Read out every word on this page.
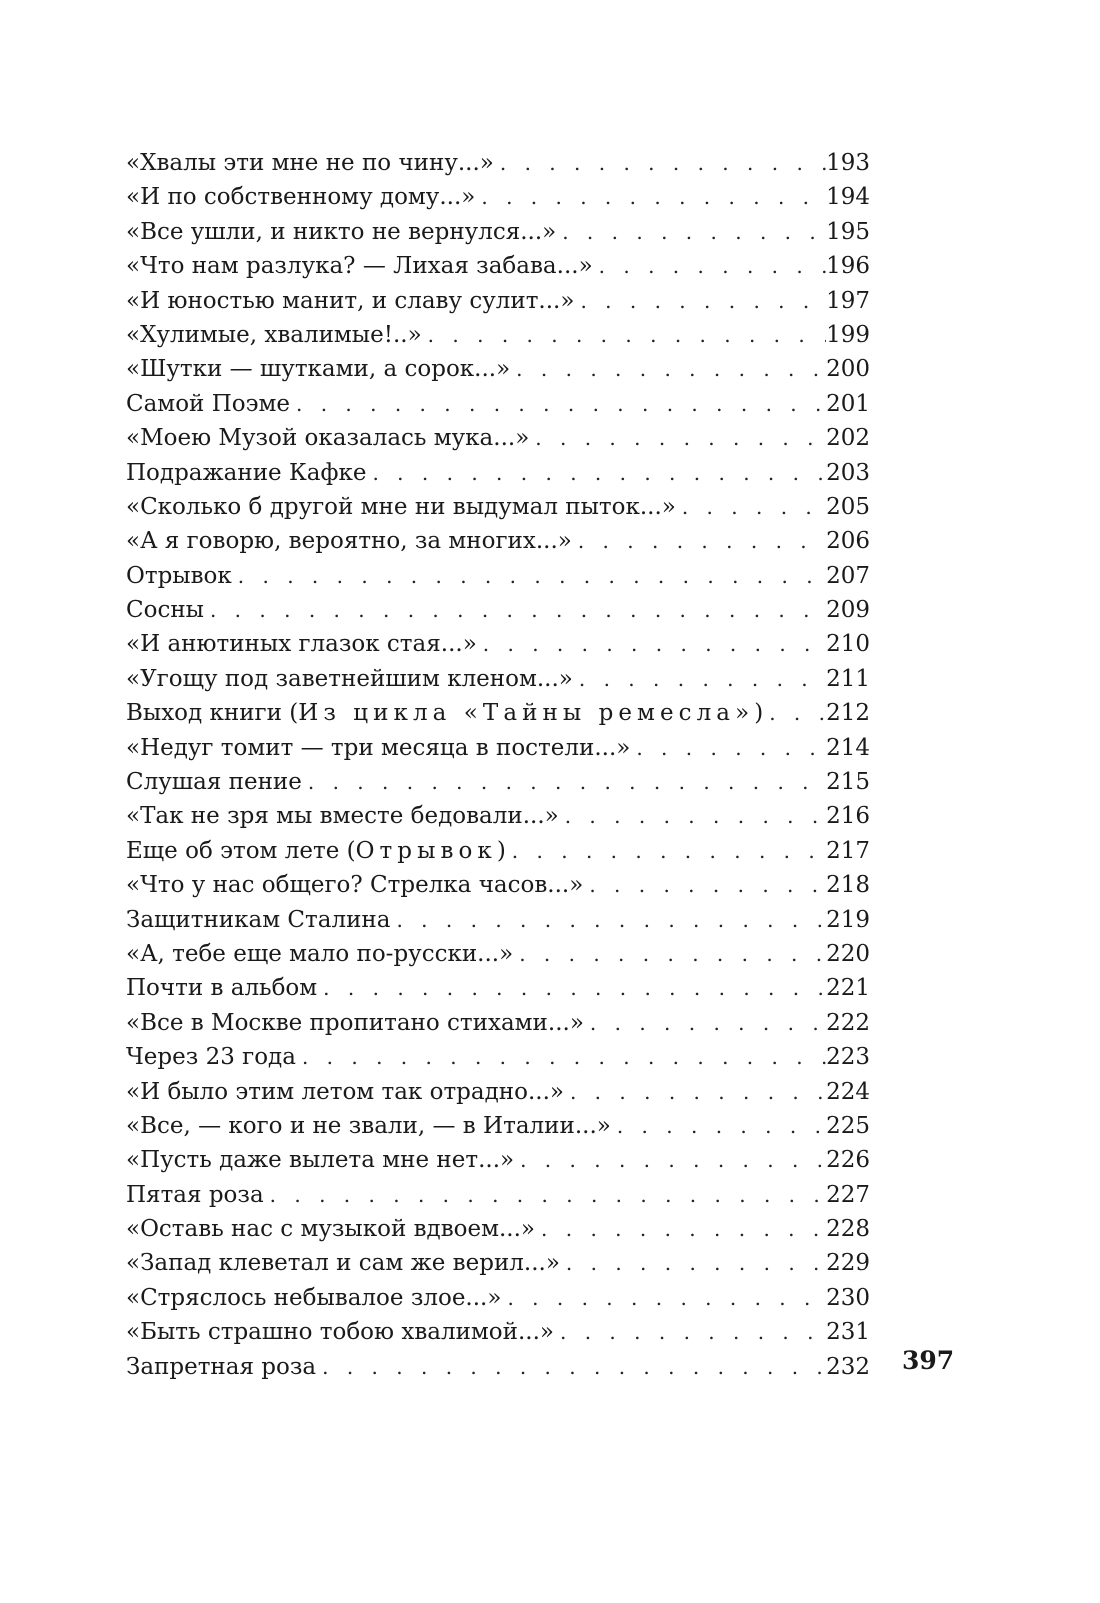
«Хвалы эти мне не по чину...» . . .	193
«И по собственному дому...» . . .	194
«Все ушли, и никто не вернулся...» . . .	195
«Что нам разлука? — Лихая забава...» . . .	196
«И юностью манит, и славу сулит...» . . .	197
«Хулимые, хвалимые!..» . . .	199
«Шутки — шутками, а сорок...» . . .	200
Самой Поэме . . .	201
«Моею Музой оказалась мука...» . . .	202
Подражание Кафке . . .	203
«Сколько б другой мне ни выдумал пыток...» . . .	205
«А я говорю, вероятно, за многих...» . . .	206
Отрывок . . .	207
Сосны . . .	209
«И анютиных глазок стая...» . . .	210
«Угощу под заветнейшим кленом...» . . .	211
Выход книги (Из цикла «Тайны ремесла») . . .	212
«Недуг томит — три месяца в постели...» . . .	214
Слушая пение . . .	215
«Так не зря мы вместе бедовали...» . . .	216
Еще об этом лете (Отрывок) . . .	217
«Что у нас общего? Стрелка часов...» . . .	218
Защитникам Сталина . . .	219
«А, тебе еще мало по-русски...» . . .	220
Почти в альбом . . .	221
«Все в Москве пропитано стихами...» . . .	222
Через 23 года . . .	223
«И было этим летом так отрадно...» . . .	224
«Все, — кого и не звали, — в Италии...» . . .	225
«Пусть даже вылета мне нет...» . . .	226
Пятая роза . . .	227
«Оставь нас с музыкой вдвоем...» . . .	228
«Запад клеветал и сам же верил...» . . .	229
«Стряслось небывалое злое...» . . .	230
«Быть страшно тобою хвалимой...» . . .	231
Запретная роза . . .	232 397
